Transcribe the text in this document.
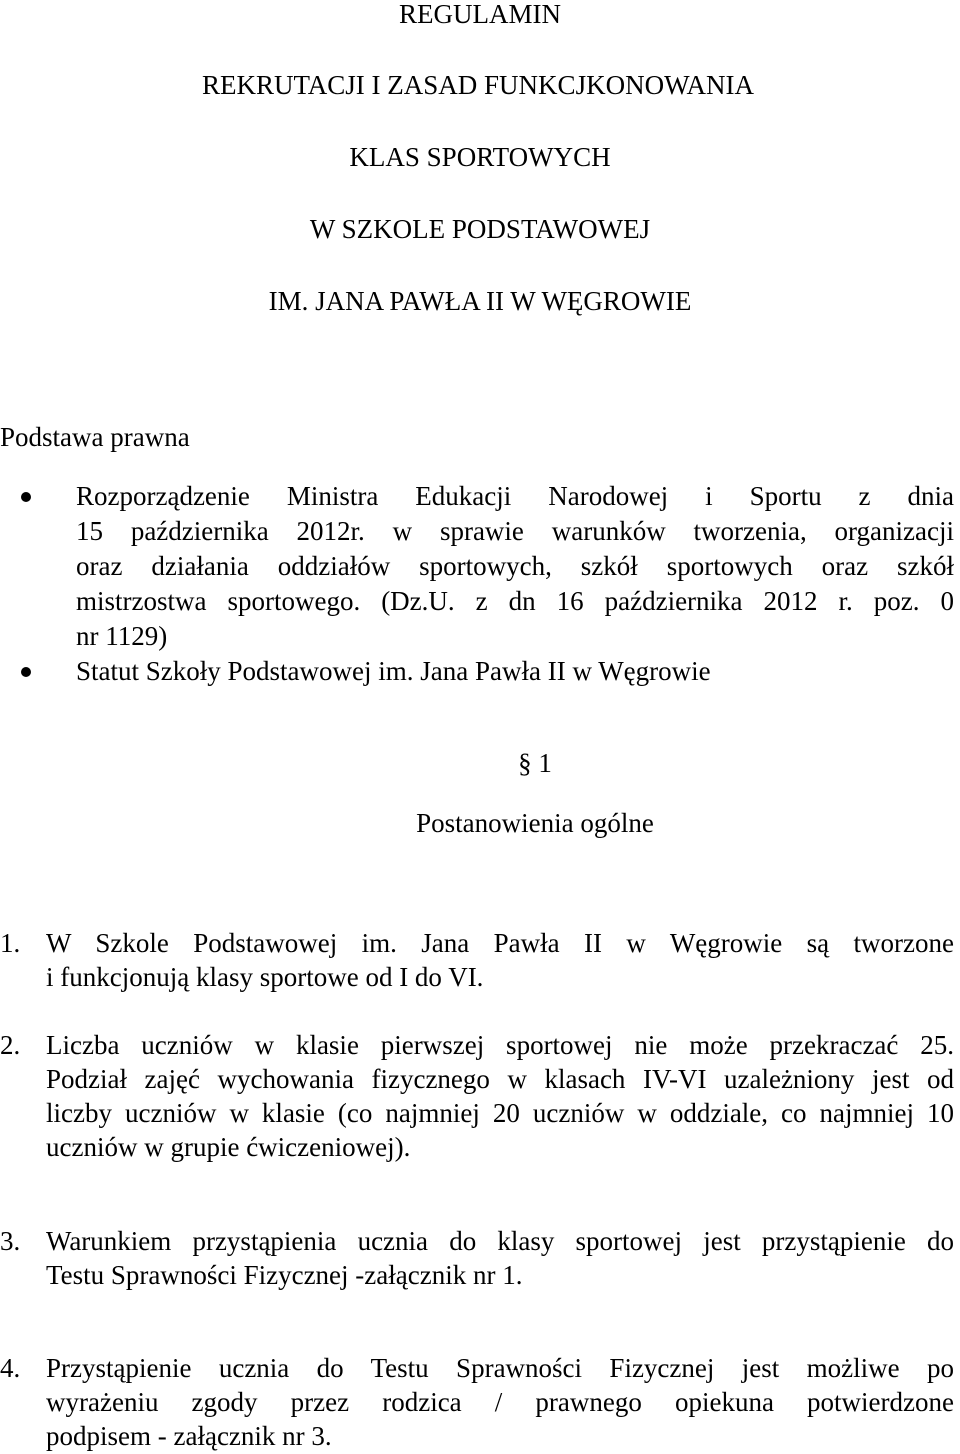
REGULAMIN
REKRUTACJI I ZASAD FUNKCJKONOWANIA
KLAS SPORTOWYCH
W SZKOLE PODSTAWOWEJ
IM. JANA PAWŁA II W WĘGROWIE
Podstawa prawna
Rozporządzenie Ministra Edukacji Narodowej i Sportu z dnia
15 października 2012r. w sprawie warunków tworzenia, organizacji
oraz działania oddziałów sportowych, szkół sportowych oraz szkół
mistrzostwa sportowego. (Dz.U. z dn 16 października 2012 r. poz. 0
nr 1129)
Statut Szkoły Podstawowej im. Jana Pawła II w Węgrowie
§ 1
Postanowienia ogólne
1. W Szkole Podstawowej im. Jana Pawła II w Węgrowie są tworzone
i funkcjonują klasy sportowe od I do VI.
2. Liczba uczniów w klasie pierwszej sportowej nie może przekraczać 25.
Podział zajęć wychowania fizycznego w klasach IV-VI uzależniony jest od
liczby uczniów w klasie (co najmniej 20 uczniów w oddziale, co najmniej 10
uczniów w grupie ćwiczeniowej).
3. Warunkiem przystąpienia ucznia do klasy sportowej jest przystąpienie do
Testu Sprawności Fizycznej -załącznik nr 1.
4. Przystąpienie ucznia do Testu Sprawności Fizycznej jest możliwe po
wyrażeniu zgody przez rodzica / prawnego opiekuna potwierdzone
podpisem - załącznik nr 3.
